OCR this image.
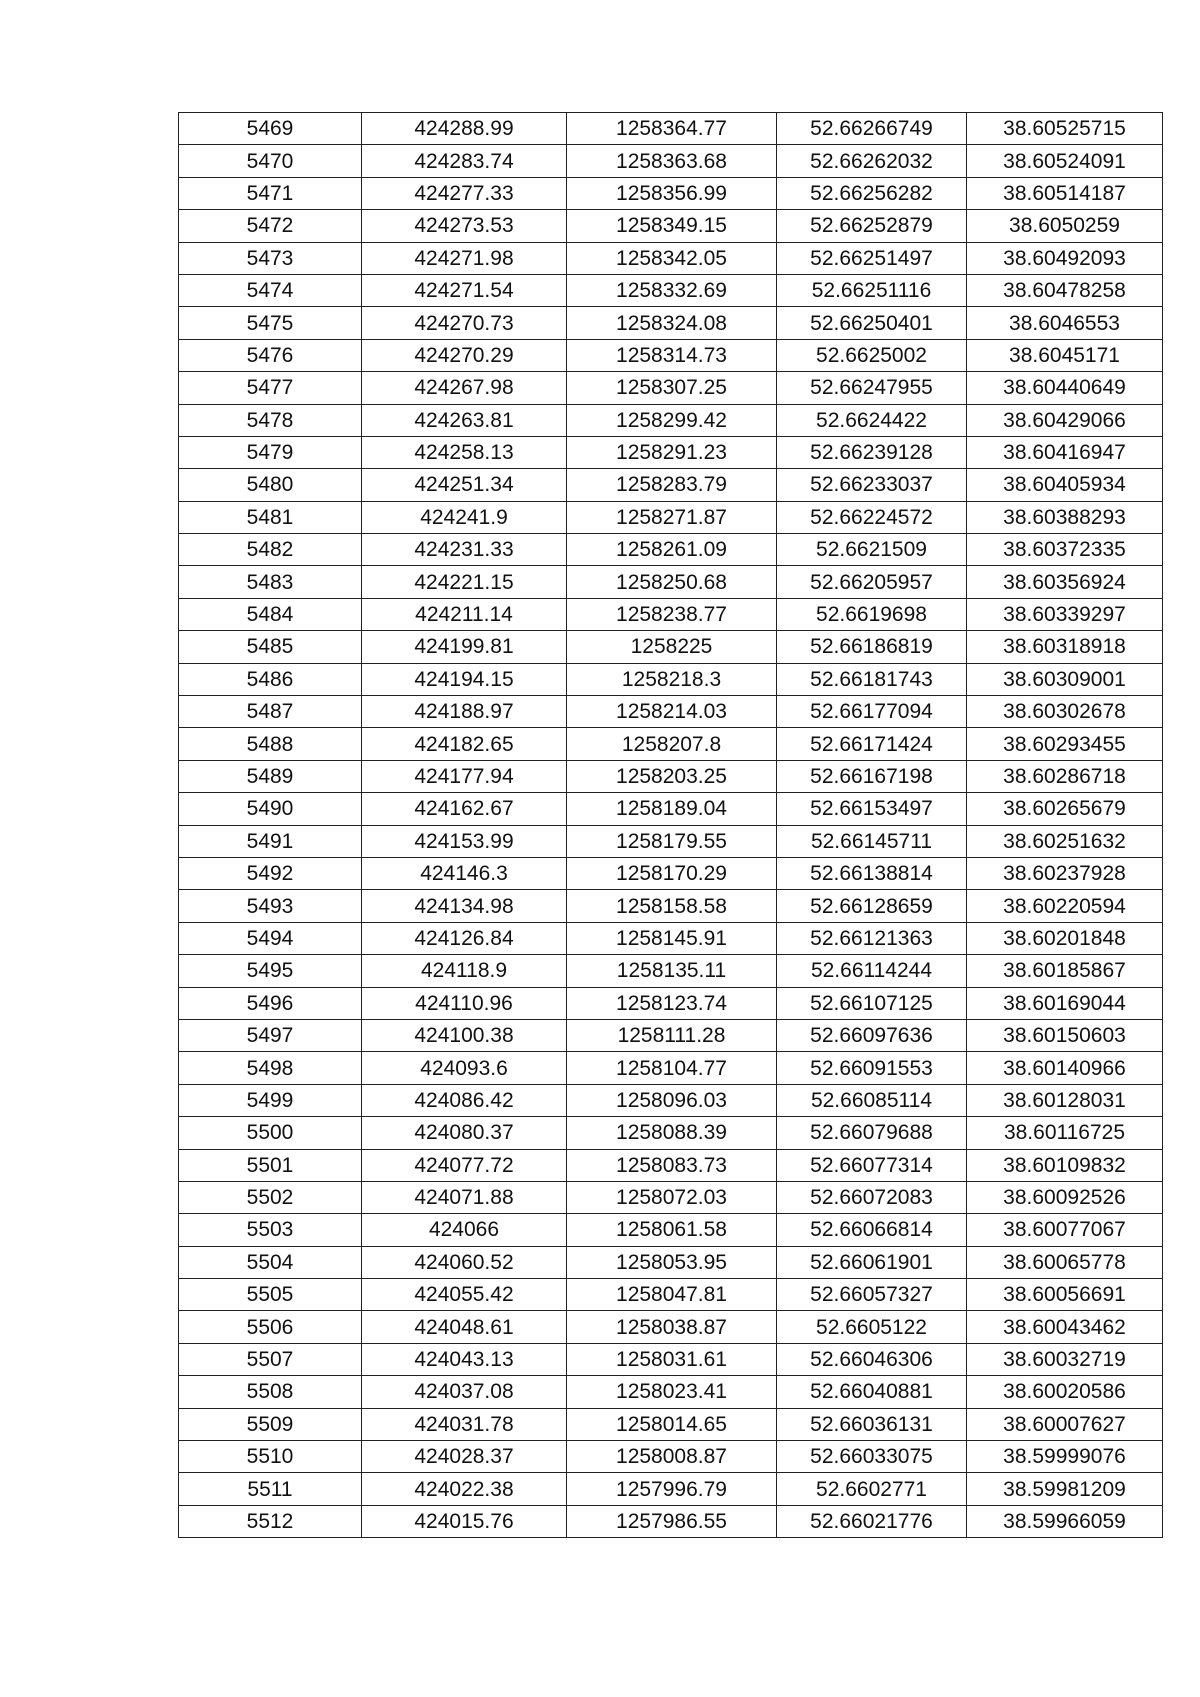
5469	424288.99	1258364.77	52.66266749	38.60525715
5470	424283.74	1258363.68	52.66262032	38.60524091
5471	424277.33	1258356.99	52.66256282	38.60514187
5472	424273.53	1258349.15	52.66252879	38.6050259
5473	424271.98	1258342.05	52.66251497	38.60492093
5474	424271.54	1258332.69	52.66251116	38.60478258
5475	424270.73	1258324.08	52.66250401	38.6046553
5476	424270.29	1258314.73	52.6625002	38.6045171
5477	424267.98	1258307.25	52.66247955	38.60440649
5478	424263.81	1258299.42	52.6624422	38.60429066
5479	424258.13	1258291.23	52.66239128	38.60416947
5480	424251.34	1258283.79	52.66233037	38.60405934
5481	424241.9	1258271.87	52.66224572	38.60388293
5482	424231.33	1258261.09	52.6621509	38.60372335
5483	424221.15	1258250.68	52.66205957	38.60356924
5484	424211.14	1258238.77	52.6619698	38.60339297
5485	424199.81	1258225	52.66186819	38.60318918
5486	424194.15	1258218.3	52.66181743	38.60309001
5487	424188.97	1258214.03	52.66177094	38.60302678
5488	424182.65	1258207.8	52.66171424	38.60293455
5489	424177.94	1258203.25	52.66167198	38.60286718
5490	424162.67	1258189.04	52.66153497	38.60265679
5491	424153.99	1258179.55	52.66145711	38.60251632
5492	424146.3	1258170.29	52.66138814	38.60237928
5493	424134.98	1258158.58	52.66128659	38.60220594
5494	424126.84	1258145.91	52.66121363	38.60201848
5495	424118.9	1258135.11	52.66114244	38.60185867
5496	424110.96	1258123.74	52.66107125	38.60169044
5497	424100.38	1258111.28	52.66097636	38.60150603
5498	424093.6	1258104.77	52.66091553	38.60140966
5499	424086.42	1258096.03	52.66085114	38.60128031
5500	424080.37	1258088.39	52.66079688	38.60116725
5501	424077.72	1258083.73	52.66077314	38.60109832
5502	424071.88	1258072.03	52.66072083	38.60092526
5503	424066	1258061.58	52.66066814	38.60077067
5504	424060.52	1258053.95	52.66061901	38.60065778
5505	424055.42	1258047.81	52.66057327	38.60056691
5506	424048.61	1258038.87	52.6605122	38.60043462
5507	424043.13	1258031.61	52.66046306	38.60032719
5508	424037.08	1258023.41	52.66040881	38.60020586
5509	424031.78	1258014.65	52.66036131	38.60007627
5510	424028.37	1258008.87	52.66033075	38.59999076
5511	424022.38	1257996.79	52.6602771	38.59981209
5512	424015.76	1257986.55	52.66021776	38.59966059
